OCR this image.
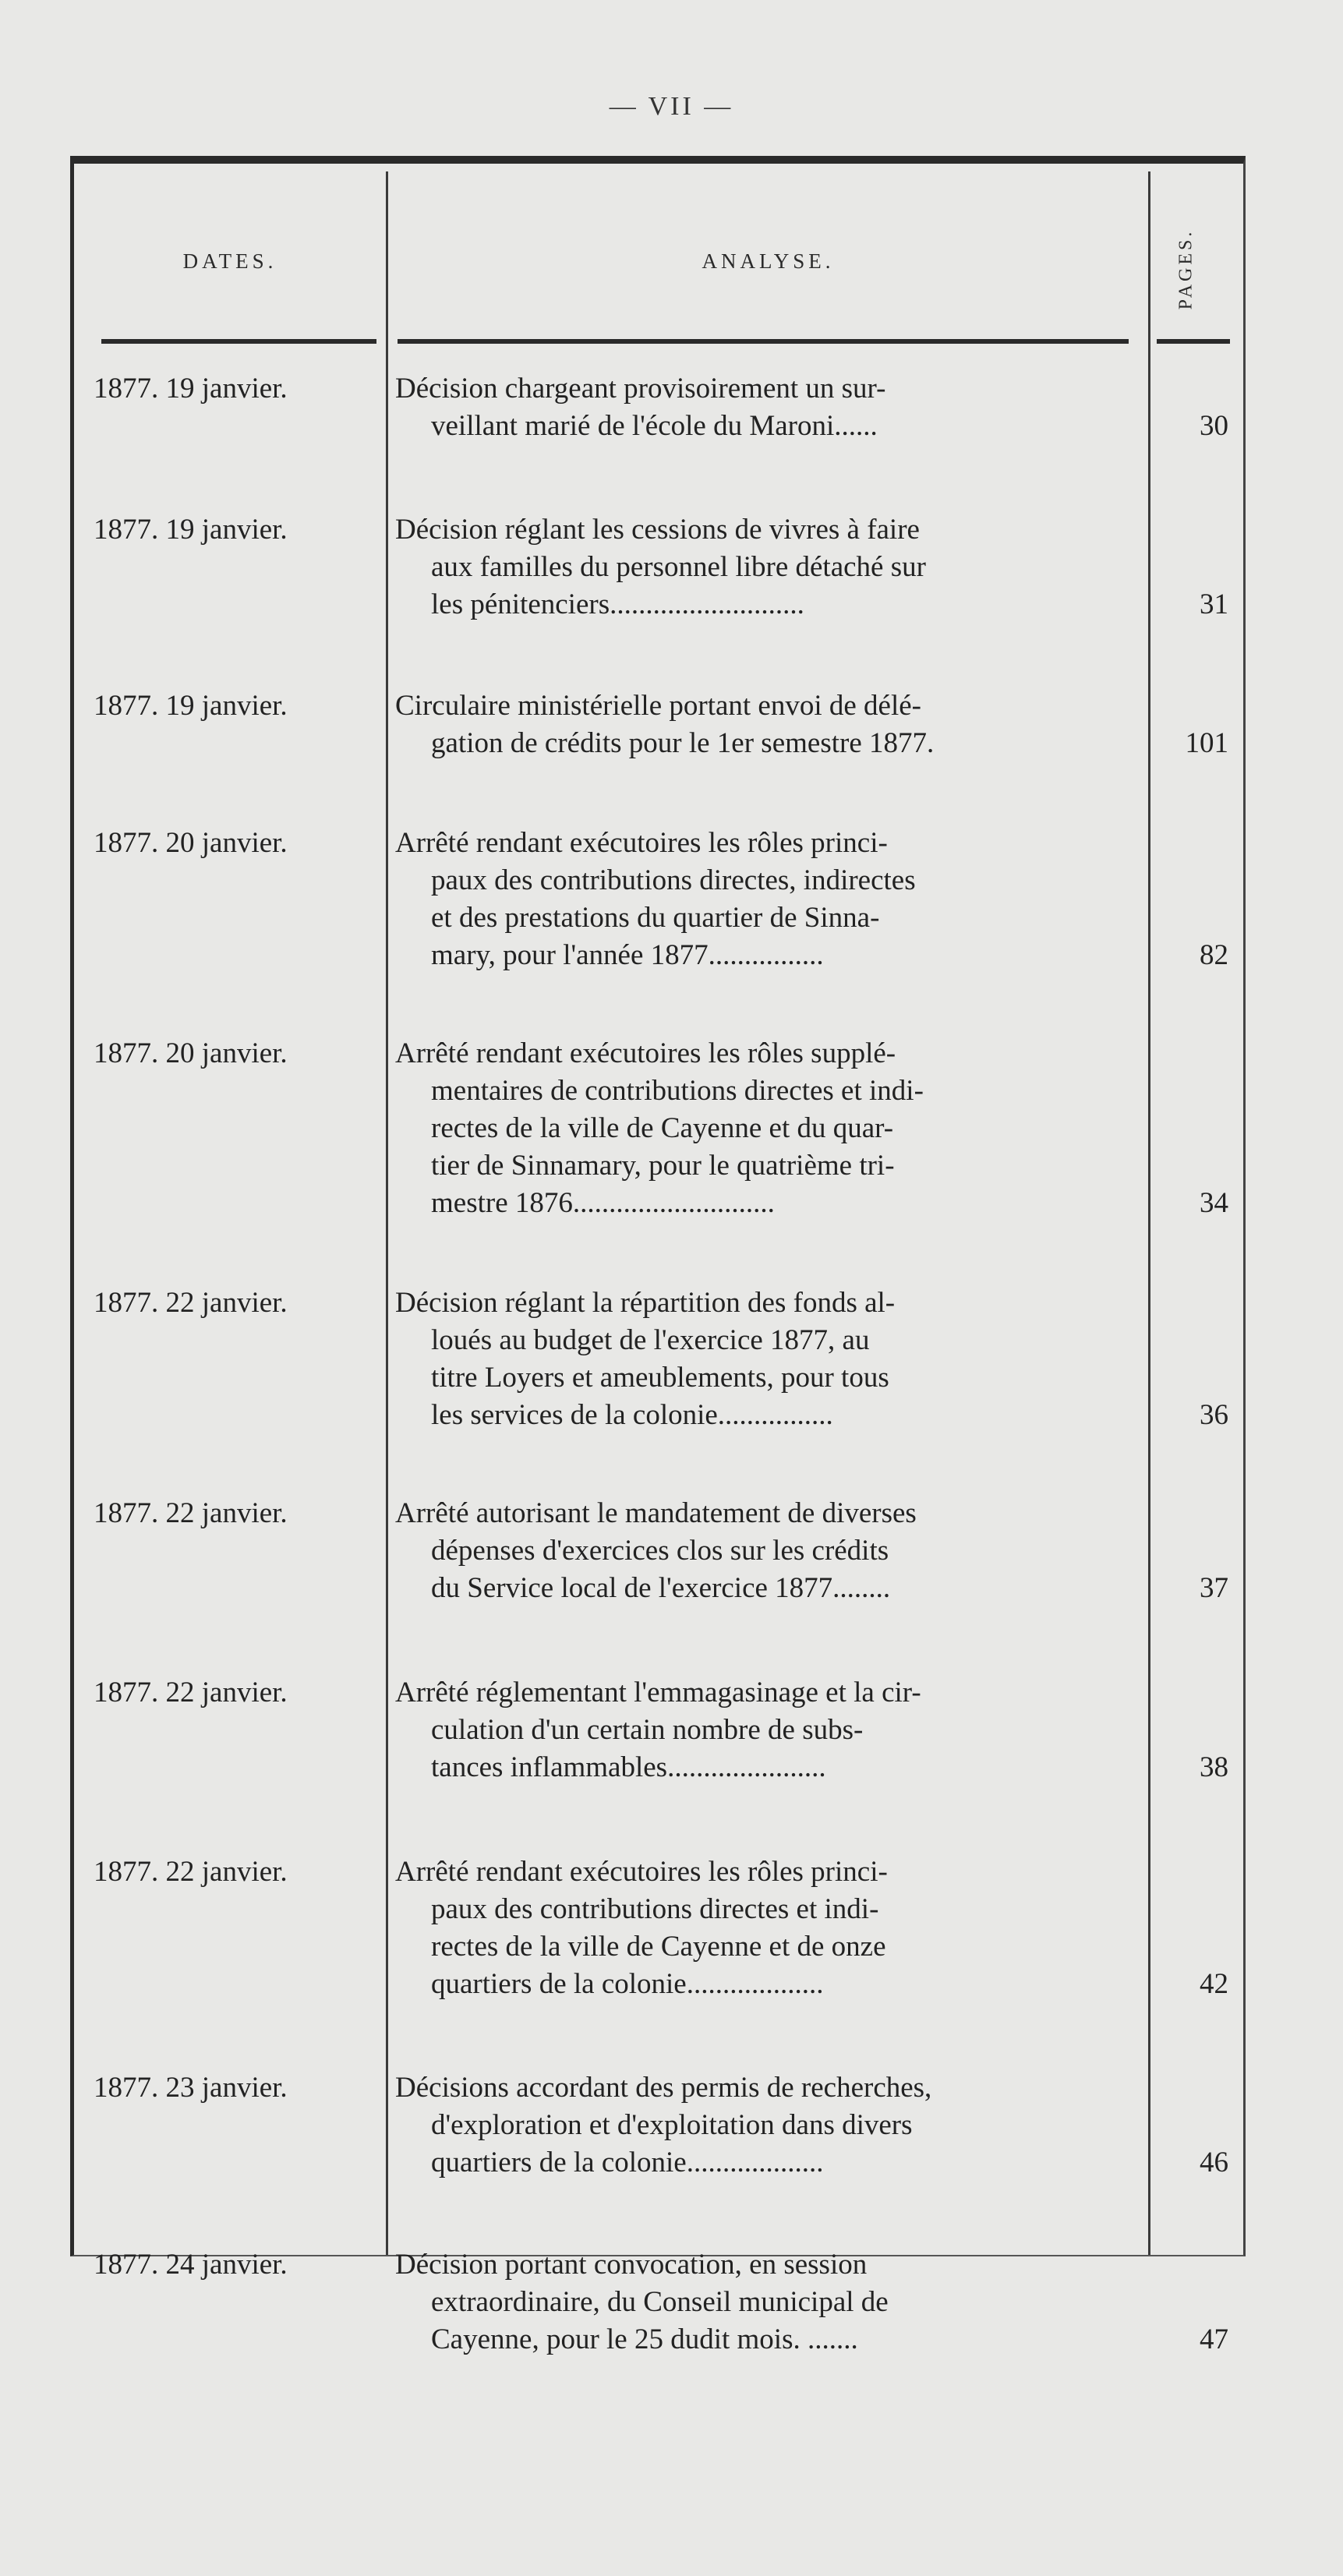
— VII —
DATES.	ANALYSE.	PAGES.
1877. 19 janvier.	Décision chargeant provisoirement un sur-
veillant marié de l'école du Maroni......	30
1877. 19 janvier.	Décision réglant les cessions de vivres à faire
aux familles du personnel libre détaché sur
les pénitenciers...........................	31
1877. 19 janvier.	Circulaire ministérielle portant envoi de délé-
gation de crédits pour le 1er semestre 1877.	101
1877. 20 janvier.	Arrêté rendant exécutoires les rôles princi-
paux des contributions directes, indirectes
et des prestations du quartier de Sinna-
mary, pour l'année 1877................	82
1877. 20 janvier.	Arrêté rendant exécutoires les rôles supplé-
mentaires de contributions directes et indi-
rectes de la ville de Cayenne et du quar-
tier de Sinnamary, pour le quatrième tri-
mestre 1876............................	34
1877. 22 janvier.	Décision réglant la répartition des fonds al-
loués au budget de l'exercice 1877, au
titre Loyers et ameublements, pour tous
les services de la colonie................	36
1877. 22 janvier.	Arrêté autorisant le mandatement de diverses
dépenses d'exercices clos sur les crédits
du Service local de l'exercice 1877........	37
1877. 22 janvier.	Arrêté réglementant l'emmagasinage et la cir-
culation d'un certain nombre de subs-
tances inflammables......................	38
1877. 22 janvier.	Arrêté rendant exécutoires les rôles princi-
paux des contributions directes et indi-
rectes de la ville de Cayenne et de onze
quartiers de la colonie...................	42
1877. 23 janvier.	Décisions accordant des permis de recherches,
d'exploration et d'exploitation dans divers
quartiers de la colonie...................	46
1877. 24 janvier.	Décision portant convocation, en session
extraordinaire, du Conseil municipal de
Cayenne, pour le 25 dudit mois. .......	47
